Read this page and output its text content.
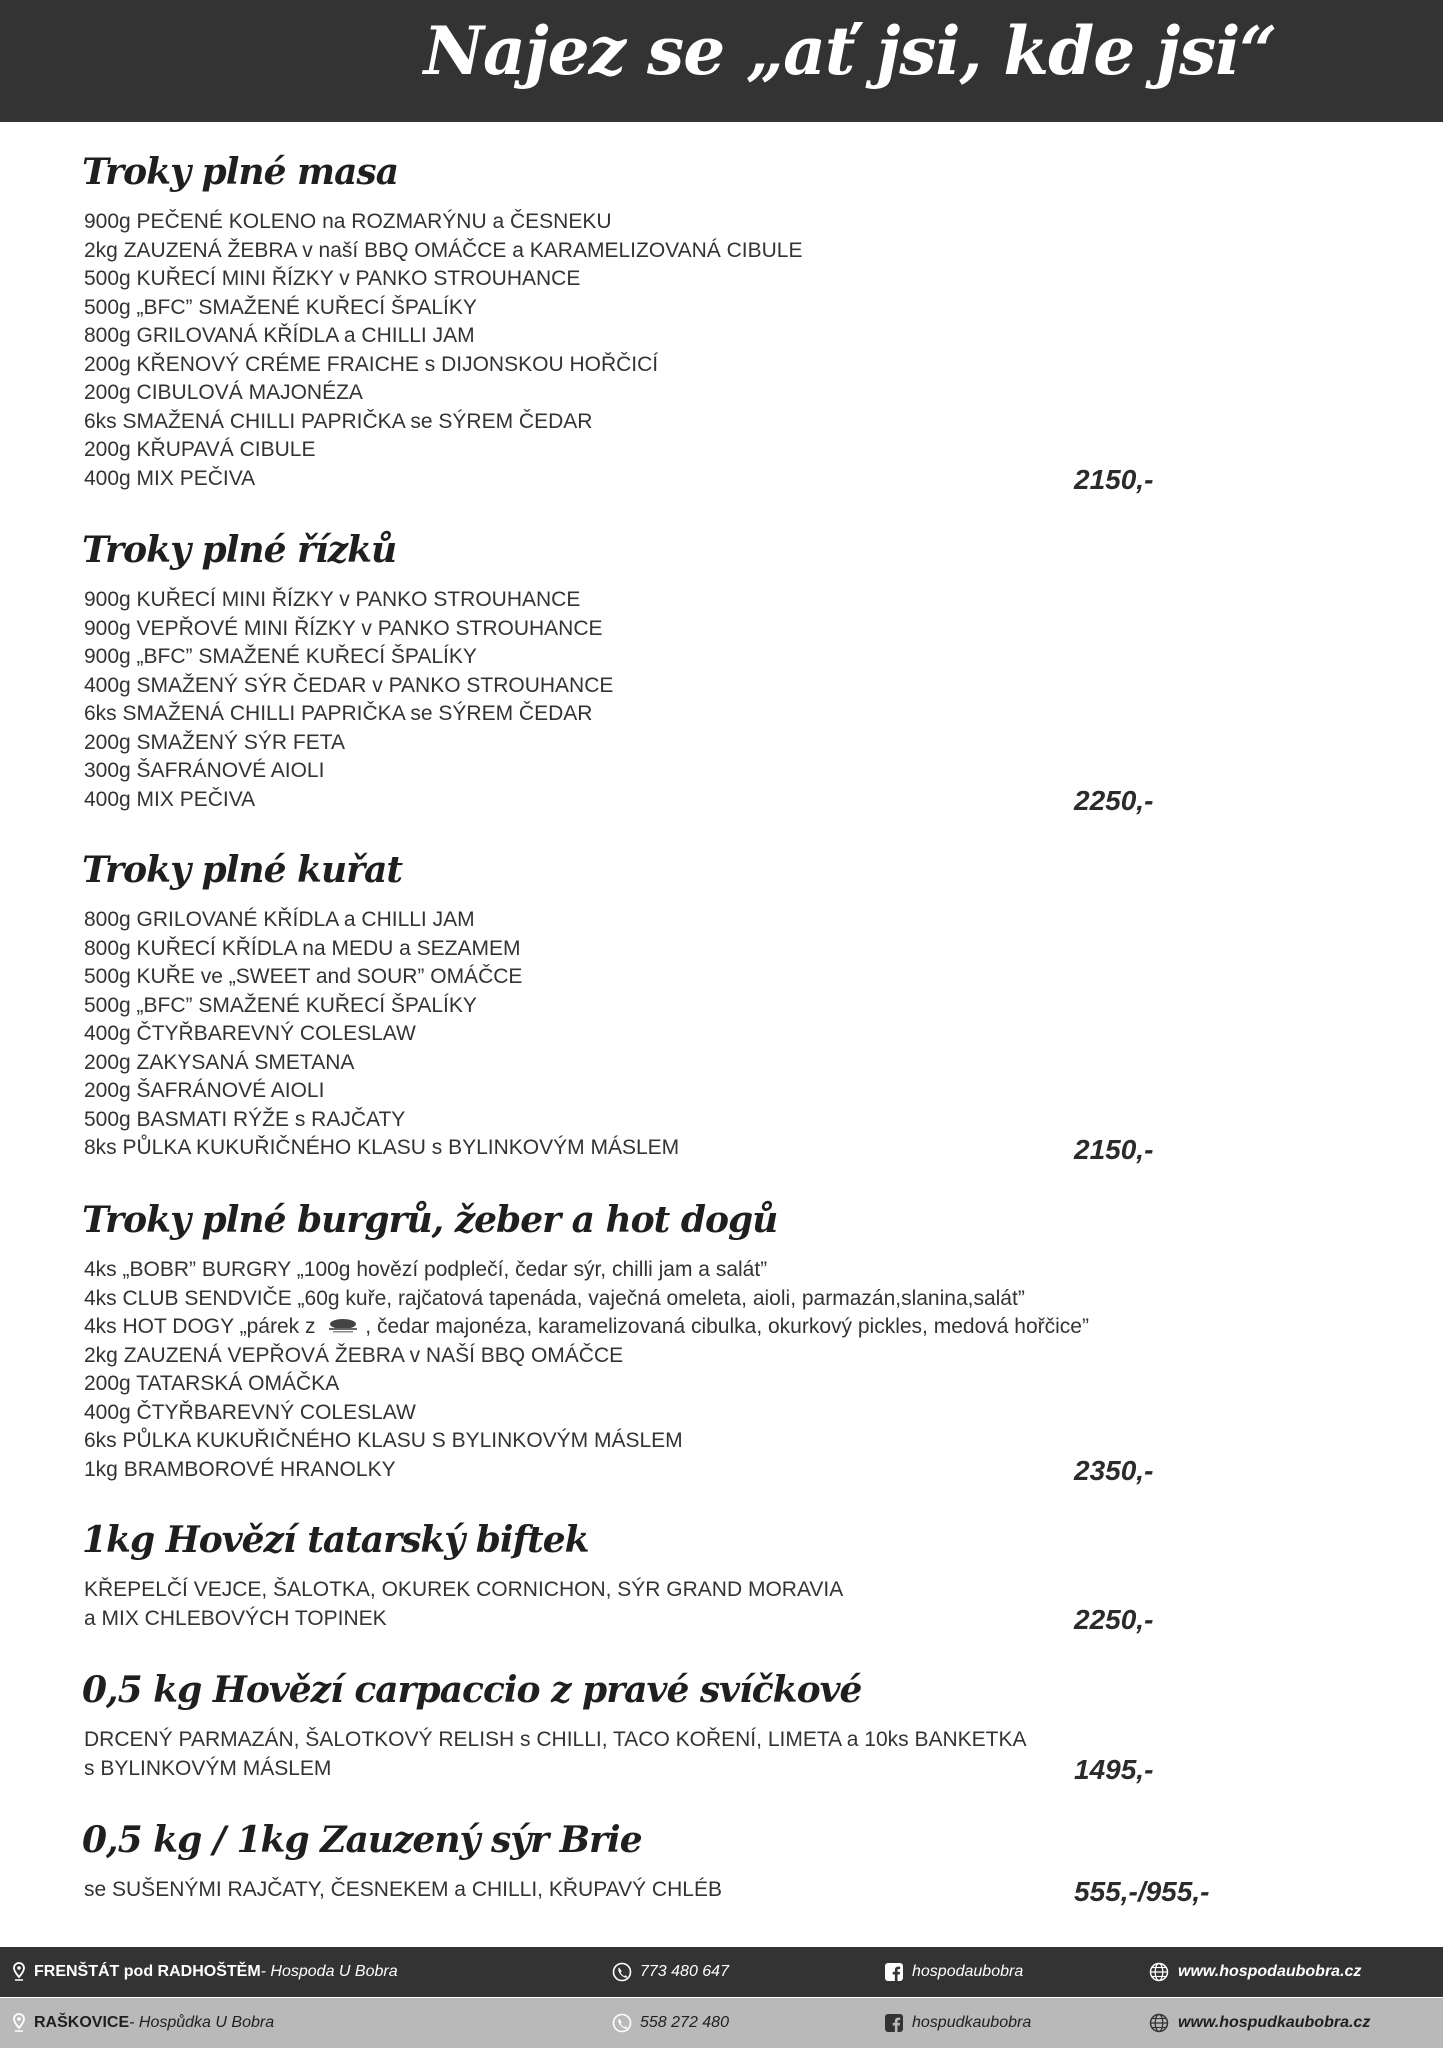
Najez se „ať jsi, kde jsi“
Troky plné masa
900g PEČENÉ KOLENO na ROZMARÝNU a ČESNEKU
2kg ZAUZENÁ ŽEBRA v naší BBQ OMÁČCE a KARAMELIZOVANÁ CIBULE
500g KUŘECÍ MINI ŘÍZKY v PANKO STROUHANCE
500g „BFC” SMAŽENÉ KUŘECÍ ŠPALÍKY
800g GRILOVANÁ KŘÍDLA a CHILLI JAM
200g KŘENOVÝ CRÉME FRAICHE s DIJONSKOU HOŘČICÍ
200g CIBULOVÁ MAJONÉZA
6ks SMAŽENÁ CHILLI PAPRIČKA se SÝREM ČEDAR
200g KŘUPAVÁ CIBULE
400g MIX PEČIVA	2150,-
Troky plné řízků
900g KUŘECÍ MINI ŘÍZKY v PANKO STROUHANCE
900g VEPŘOVÉ MINI ŘÍZKY v PANKO STROUHANCE
900g „BFC” SMAŽENÉ KUŘECÍ ŠPALÍKY
400g SMAŽENÝ SÝR ČEDAR v PANKO STROUHANCE
6ks SMAŽENÁ CHILLI PAPRIČKA se SÝREM ČEDAR
200g SMAŽENÝ SÝR FETA
300g ŠAFRÁNOVÉ AIOLI
400g MIX PEČIVA	2250,-
Troky plné kuřat
800g GRILOVANÉ KŘÍDLA a CHILLI JAM
800g KUŘECÍ KŘÍDLA na MEDU a SEZAMEM
500g KUŘE ve „SWEET and SOUR” OMÁČCE
500g „BFC” SMAŽENÉ KUŘECÍ ŠPALÍKY
400g ČTYŘBAREVNÝ COLESLAW
200g ZAKYSANÁ SMETANA
200g ŠAFRÁNOVÉ AIOLI
500g BASMATI RÝŽE s RAJČATY
8ks PŮLKA KUKUŘIČNÉHO KLASU s BYLINKOVÝM MÁSLEM	2150,-
Troky plné burgrů, žeber a hot dogů
4ks „BOBR” BURGRY „100g hovězí podplečí, čedar sýr, chilli jam a salát”
4ks CLUB SENDVIČE „60g kuře, rajčatová tapenáda, vaječná omeleta, aioli, parmazán,slanina,salát”
4ks HOT DOGY „párek z , čedar majonéza, karamelizovaná cibulka, okurkový pickles, medová hořčice”
2kg ZAUZENÁ VEPŘOVÁ ŽEBRA v NAŠÍ BBQ OMÁČCE
200g TATARSKÁ OMÁČKA
400g ČTYŘBAREVNÝ COLESLAW
6ks PŮLKA KUKUŘIČNÉHO KLASU S BYLINKOVÝM MÁSLEM
1kg BRAMBOROVÉ HRANOLKY	2350,-
1kg Hovězí tatarský biftek
KŘEPELČÍ VEJCE, ŠALOTKA, OKUREK CORNICHON, SÝR GRAND MORAVIA
a MIX CHLEBOVÝCH TOPINEK	2250,-
0,5 kg Hovězí carpaccio z pravé svíčkové
DRCENÝ PARMAZÁN, ŠALOTKOVÝ RELISH s CHILLI, TACO KOŘENÍ, LIMETA a 10ks BANKETKA
s BYLINKOVÝM MÁSLEM	1495,-
0,5 kg / 1kg Zauzený sýr Brie
se SUŠENÝMI RAJČATY, ČESNEKEM a CHILLI, KŘUPAVÝ CHLÉB	555,-/955,-
FRENŠTÁT pod RADHOŠTĚM - Hospoda U Bobra	773 480 647	hospodaubobra	www.hospodaubobra.cz
RAŠKOVICE - Hospůdka U Bobra	558 272 480	hospudkaubobra	www.hospudkaubobra.cz
